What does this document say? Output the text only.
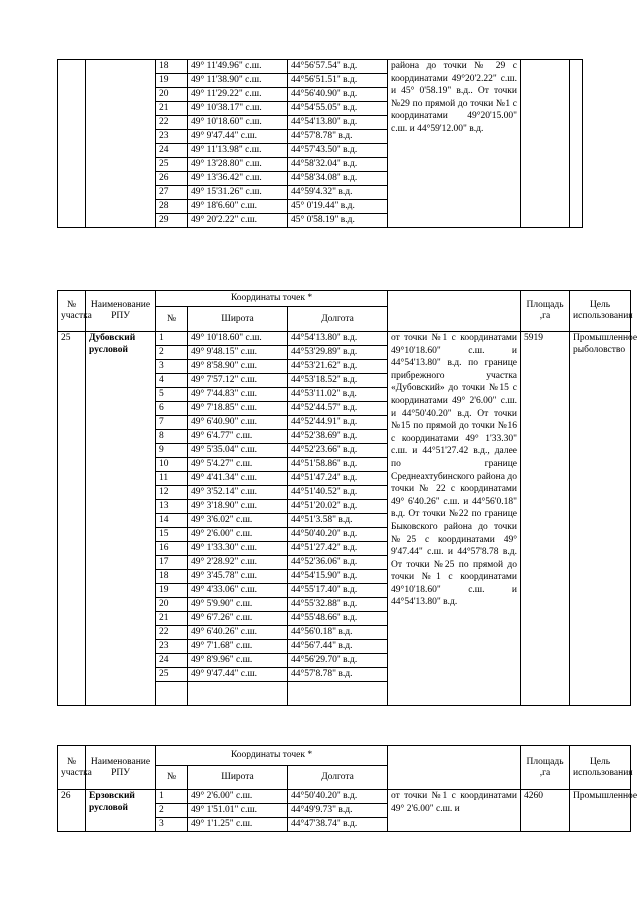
		18	49° 11'49.96" с.ш.	44°56'57.54" в.д.	района до точки № 29 с координатами 49°20'2.22" с.ш. и 45° 0'58.19" в.д.. От точки №29 по прямой до точки №1 с координатами 49°20'15.00" с.ш. и 44°59'12.00" в.д.		
		19	49° 11'38.90" с.ш.	44°56'51.51" в.д.			
		20	49° 11'29.22" с.ш.	44°56'40.90" в.д.			
		21	49° 10'38.17" с.ш.	44°54'55.05" в.д.			
		22	49° 10'18.60" с.ш.	44°54'13.80" в.д.			
		23	49° 9'47.44" с.ш.	44°57'8.78" в.д.			
		24	49° 11'13.98" с.ш.	44°57'43.50" в.д.			
		25	49° 13'28.80" с.ш.	44°58'32.04" в.д.			
		26	49° 13'36.42" с.ш.	44°58'34.08" в.д.			
		27	49° 15'31.26" с.ш.	44°59'4.32" в.д.			
		28	49° 18'6.60" с.ш.	45° 0'19.44" в.д.			
		29	49° 20'2.22" с.ш.	45° 0'58.19" в.д.			
№ участка	Наименование РПУ	Координаты точек *				Площадь ,га	Цель использования
		№	Широта	Долгота			
25	Дубовский русловой	1	49° 10'18.60" с.ш.	44°54'13.80" в.д.	от точки №1 с координатами 49°10'18.60" с.ш. и 44°54'13.80" в.д. по границе прибрежного участка «Дубовский» до точки №15 с координатами 49° 2'6.00" с.ш. и 44°50'40.20" в.д. От точки №15 по прямой до точки №16 с координатами 49° 1'33.30" с.ш. и 44°51'27.42 в.д., далее по границе Среднеахтубинского района до точки № 22 с координатами 49° 6'40.26" с.ш. и 44°56'0.18" в.д. От точки №22 по границе Быковского района до точки №25 с координатами 49° 9'47.44" с.ш. и 44°57'8.78 в.д. От точки №25 по прямой до точки №1 с координатами 49°10'18.60" с.ш. и 44°54'13.80" в.д.	5919	Промышленное рыболовство
		2	49° 9'48.15" с.ш.	44°53'29.89" в.д.			
		3	49° 8'58.90" с.ш.	44°53'21.62" в.д.			
		4	49° 7'57.12" с.ш.	44°53'18.52" в.д.			
		5	49° 7'44.83" с.ш.	44°53'11.02" в.д.			
		6	49° 7'18.85" с.ш.	44°52'44.57" в.д.			
		7	49° 6'40.90" с.ш.	44°52'44.91" в.д.			
		8	49° 6'4.77" с.ш.	44°52'38.69" в.д.			
		9	49° 5'35.04" с.ш.	44°52'23.66" в.д.			
		10	49° 5'4.27" с.ш.	44°51'58.86" в.д.			
		11	49° 4'41.34" с.ш.	44°51'47.24" в.д.			
		12	49° 3'52.14" с.ш.	44°51'40.52" в.д.			
		13	49° 3'18.90" с.ш.	44°51'20.02" в.д.			
		14	49° 3'6.02" с.ш.	44°51'3.58" в.д.			
		15	49° 2'6.00" с.ш.	44°50'40.20" в.д.			
		16	49° 1'33.30" с.ш.	44°51'27.42" в.д.			
		17	49° 2'28.92" с.ш.	44°52'36.06" в.д.			
		18	49° 3'45.78" с.ш.	44°54'15.90" в.д.			
		19	49° 4'33.06" с.ш.	44°55'17.40" в.д.			
		20	49° 5'9.90" с.ш.	44°55'32.88" в.д.			
		21	49° 6'7.26" с.ш.	44°55'48.66" в.д.			
		22	49° 6'40.26" с.ш.	44°56'0.18" в.д.			
		23	49° 7'1.68" с.ш.	44°56'7.44" в.д.			
		24	49° 8'9.96" с.ш.	44°56'29.70" в.д.			
		25	49° 9'47.44" с.ш.	44°57'8.78" в.д.			

№ участка	Наименование РПУ	Координаты точек *				Площадь ,га	Цель использования
		№	Широта	Долгота			
26	Ерзовский русловой	1	49° 2'6.00" с.ш.	44°50'40.20" в.д.	от точки №1 с координатами 49° 2'6.00" с.ш. и	4260	Промышленное
		2	49° 1'51.01" с.ш.	44°49'9.73" в.д.			
		3	49° 1'1.25" с.ш.	44°47'38.74" в.д.			
